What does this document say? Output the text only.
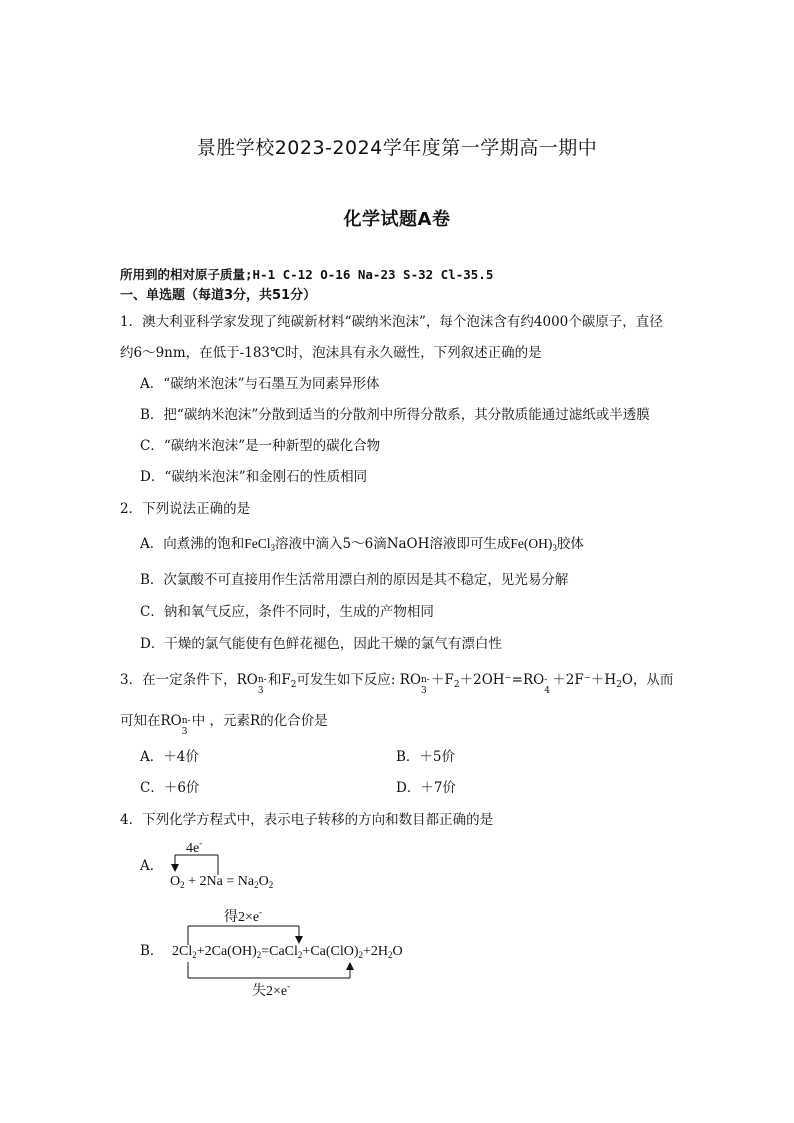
景胜学校2023-2024学年度第一学期高一期中
化学试题A卷
所用到的相对原子质量;H-1 C-12 O-16 Na-23 S-32 Cl-35.5
一、单选题（每道3分，共51分）
1．澳大利亚科学家发现了纯碳新材料“碳纳米泡沫”，每个泡沫含有约4000个碳原子，直径
约6～9nm，在低于-183℃时，泡沫具有永久磁性，下列叙述正确的是
A．“碳纳米泡沫”与石墨互为同素异形体
B．把“碳纳米泡沫”分散到适当的分散剂中所得分散系，其分散质能通过滤纸或半透膜
C．“碳纳米泡沫”是一种新型的碳化合物
D．“碳纳米泡沫”和金刚石的性质相同
2．下列说法正确的是
A．向煮沸的饱和FeCl$_3$溶液中滴入5～6滴NaOH溶液即可生成$Fe(OH)_3$胶体
B．次氯酸不可直接用作生活常用漂白剂的原因是其不稳定，见光易分解
C．钠和氧气反应，条件不同时，生成的产物相同
D．干燥的氯气能使有色鲜花褪色，因此干燥的氯气有漂白性
3．在一定条件下，RO n-
3
和$F_2$可发生如下反应: RO n-
3
$+F_2+2OH^-=RO$ -
4
$+2F^-+H_2O$，从而
可知在RO n-
3
中 ，元素R的化合价是
A．＋4价	B．＋5价
C．＋6价	D．＋7价
4．下列化学方程式中，表示电子转移的方向和数目都正确的是
A．
4e-
$O_2 + 2Na = Na_2O_2$
B．
得2×e-
$2Cl_2+2Ca(OH)_2=CaCl_2+Ca(ClO)_2+2H_2O$
失2×e-
